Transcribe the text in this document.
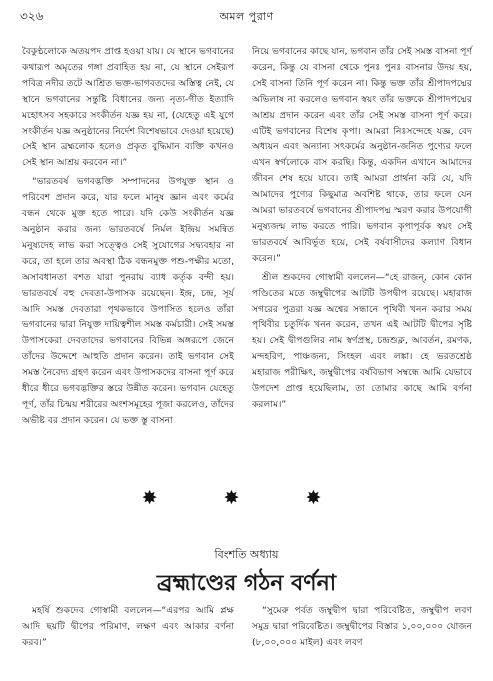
৩২৬	অমল পুরাণ

বৈকুণ্ঠলোকে অতয়পদ প্রাপ্ত হওয়া যায়। যে স্থানে ভগবানের কথারূপ অমৃতের গঙ্গা প্রবাহিত হয় না, যে স্থানে সেইরূপ পবিত্র নদীর তটে আশ্রিত ভক্ত-ভাগবতদের অস্তিত্ব নেই, যে স্থানে ভগবানের সন্তুষ্টি বিধানের জন্য নৃত্য-গীত ইত্যাদি মহোৎসব সহকারে সংকীর্তন যজ্ঞ হয় না, (যেহেতু এই যুগে সংকীর্তন যজ্ঞ অনুষ্ঠানের নির্দেশ বিশেষভাবে দেওয়া হয়েছে) সেই স্থান ব্রহ্মলোক হলেও প্রকৃত বুদ্ধিমান ব্যক্তি কখনও সেই স্থান আশ্রয় করবেন না।”

“ভারতবর্ষ ভগবদ্ভক্তি সম্পাদনের উপযুক্ত স্থান ও পরিবেশ প্রদান করে, যার ফলে মানুষ জ্ঞান এবং কর্মের বন্ধন থেকে মুক্ত হতে পারে। যদি কেউ সংকীর্তন যজ্ঞ অনুষ্ঠান করার জন্য ভারতবর্ষে নির্মল ইন্দ্রিয় সমন্বিত মনুষ্যদেহ লাভ করা সত্ত্বেও সেই সুযোগের সদ্ব্যবহার না করে, তা হলে তার অবস্থা ঠিক বন্ধনমুক্ত পশু-পক্ষীর মতো, অসাবধানতা বশত যারা পুনরায় ব্যাধ কর্তৃক বন্দী হয়। ভারতবর্ষে বহু দেবতা-উপাসক রয়েছেন। ইন্দ্র, চন্দ্র, সূর্য আদি সমস্ত দেবতারা পৃথকভাবে উপাসিত হলেও তাঁরা ভগবানের দ্বারা নিযুক্ত দায়িত্বশীল সমস্ত কর্মচারী। সেই সমস্ত উপাসকেরা দেবতাদের ভগবানের বিভিন্ন অঙ্গরূপে জেনে তাঁদের উদ্দেশে আহুতি প্রদান করেন। তাই ভগবান সেই সমস্ত নৈবেদ্য গ্রহণ করেন এবং উপাসকদের বাসনা পূর্ণ করে ধীরে ধীরে ভগবদ্ভক্তির স্তরে উন্নীত করেন। ভগবান যেহেতু পূর্ণ, তাঁর চিন্ময় শরীরের অংশসমূহের পূজা করলেও, তাঁদের অভীষ্ট বর প্রদান করেন। যে ভক্ত স্তু বাসনা

নিয়ে ভগবানের কাছে যান, ভগবান তাঁর সেই সমস্ত বাসনা পূর্ণ করেন, কিন্তু যে বাসনা থেকে পুনঃ পুনঃ বাসনার উদয় হয়, সেই বাসনা তিনি পূর্ণ করেন না। কিন্তু ভক্ত তাঁর শ্রীপাদপদ্মের অভিলাষ না করলেও ভগবান স্বয়ং তাঁর ভক্তকে শ্রীপাদপদ্মের আশ্রয় প্রদান করেন এবং তাঁর সেই সমস্ত বাসনা পূর্ণ করে। এটিই ভগবানের বিশেষ কৃপা। আমরা নিঃসন্দেহে যজ্ঞ, বেদ অধ্যয়ন এবং অন্যান্য সৎকর্মের অনুষ্ঠান-জনিত পুণ্যের ফলে এখন স্বর্গলোকে বাস করছি। কিন্তু, একদিন এখানে আমাদের জীবন শেষ হয়ে যাবে। তাই আমরা প্রার্থনা করি যে, যদি আমাদের পুণ্যের কিছুমাত্র অবশিষ্ট থাকে, তার ফলে যেন আমরা ভারতবর্ষে ভগবানের শ্রীপাদপদ্ম স্মরণ করার উপযোগী মনুষ্যজন্ম লাভ করতে পারি। ভগবান কৃপাপূর্বক স্বয়ং সেই ভারতবর্ষে আবির্ভূত হয়ে, সেই বর্ষবাসীদের কল্যাণ বিধান করেন।”

শ্রীল শুকদেব গোস্বামী বললেন—“হে রাজন্, কোন কোন পণ্ডিতের মতে জম্বুদ্বীপের আটটি উপদ্বীপ রয়েছে। মহারাজ সগরের পুত্ররা যজ্ঞ অশ্বের সন্ধানে পৃথিবী খনন করার সময় পৃথিবীর চতুর্দিক খনন করেন, তখন এই আটটি দ্বীপের সৃষ্টি হয়। সেই দ্বীপগুলির নাম স্বর্ণপ্রস্থ, চন্দ্রশুক্ল, আবর্তন, রমণক, মন্দহরিণ, পাঞ্চজন্য, সিংহল এবং লঙ্কা। হে ভরতশ্রেষ্ঠ মহারাজ পরীক্ষিৎ, জম্বুদ্বীপের বর্ষবিভাগ সম্বন্ধে আমি যেভাবে উপদেশ প্রাপ্ত হয়েছিলাম, তা তোমার কাছে আমি বর্ণনা করলাম।”

✸ ✸ ✸
বিংশতি অধ্যায়
ব্রহ্মাণ্ডের গঠন বর্ণনা

মহর্ষি শুকদেব গোস্বামী বললেন—“এরপর আমি প্লক্ষ আদি ছয়টি দ্বীপের পরিমাণ, লক্ষণ এবং আকার বর্ণনা করব।”

“সুমেরু পর্বত জম্বুদ্বীপ দ্বারা পরিবেষ্টিত, জম্বুদ্বীপ লবণ সমুদ্র দ্বারা পরিবেষ্টিত। জম্বুদ্বীপের বিস্তার ১,০০,০০০ যোজন (৮,০০,০০০ মাইল) এবং লবণ
